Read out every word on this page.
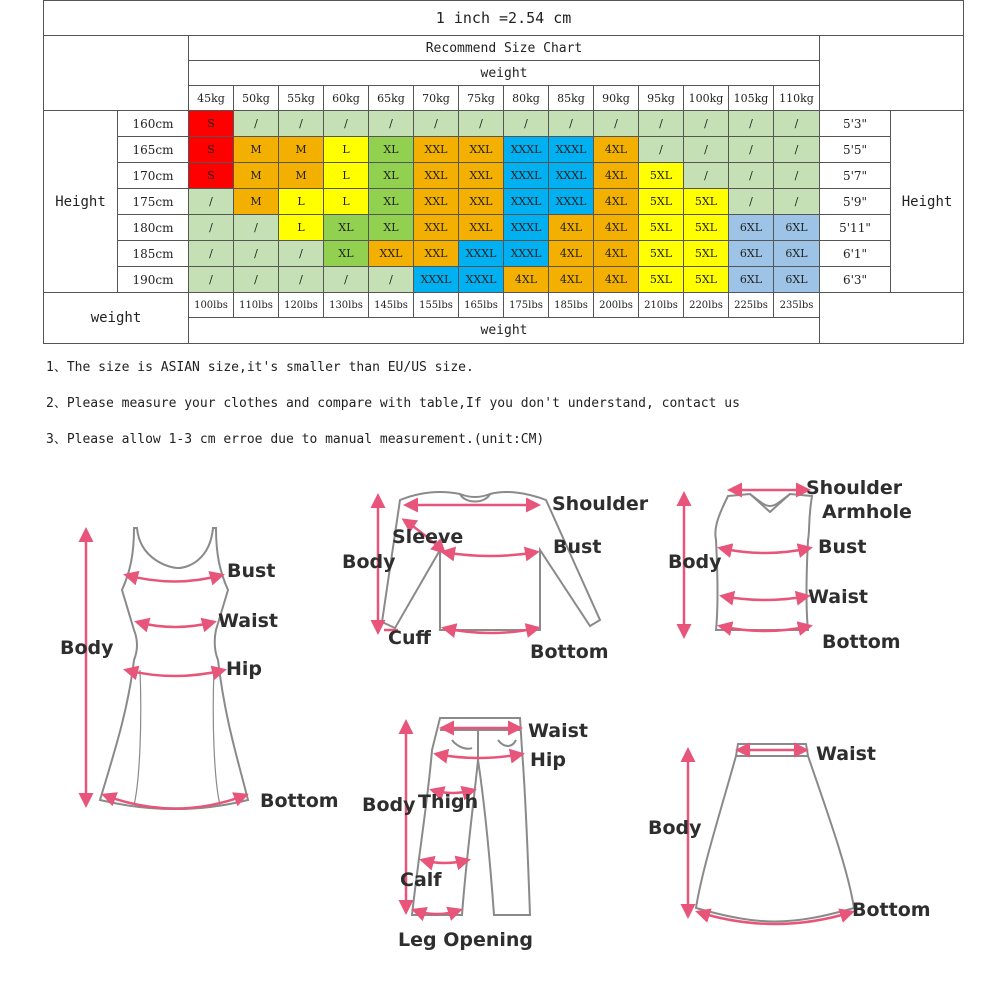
1 inch =2.54 cm																	
		Recommend Size Chart															
		weight															
		45kg	50kg	55kg	60kg	65kg	70kg	75kg	80kg	85kg	90kg	95kg	100kg	105kg	110kg		
Height	160cm	S	/	/	/	/	/	/	/	/	/	/	/	/	/	5'3"	Height
	165cm	S	M	M	L	XL	XXL	XXL	XXXL	XXXL	4XL	/	/	/	/	5'5"	
	170cm	S	M	M	L	XL	XXL	XXL	XXXL	XXXL	4XL	5XL	/	/	/	5'7"	
	175cm	/	M	L	L	XL	XXL	XXL	XXXL	XXXL	4XL	5XL	5XL	/	/	5'9"	
	180cm	/	/	L	XL	XL	XXL	XXL	XXXL	4XL	4XL	5XL	5XL	6XL	6XL	5'11"	
	185cm	/	/	/	XL	XXL	XXL	XXXL	XXXL	4XL	4XL	5XL	5XL	6XL	6XL	6'1"	
	190cm	/	/	/	/	/	XXXL	XXXL	4XL	4XL	4XL	5XL	5XL	6XL	6XL	6'3"	
weight		100lbs	110lbs	120lbs	130lbs	145lbs	155lbs	165lbs	175lbs	185lbs	200lbs	210lbs	220lbs	225lbs	235lbs		
		weight															
1、The size is ASIAN size,it's smaller than EU/US size.
2、Please measure your clothes and compare with table,If you don't understand, contact us
3、Please allow 1-3 cm erroe due to manual measurement.(unit:CM)
Body
Bust
Waist
Hip
Bottom
Shoulder
Sleeve
Body
Bust
Cuff
Bottom
Shoulder
Armhole
Body
Bust
Waist
Bottom
Waist
Hip
Body Thigh
Calf
Leg Opening
Waist
Body
Bottom
